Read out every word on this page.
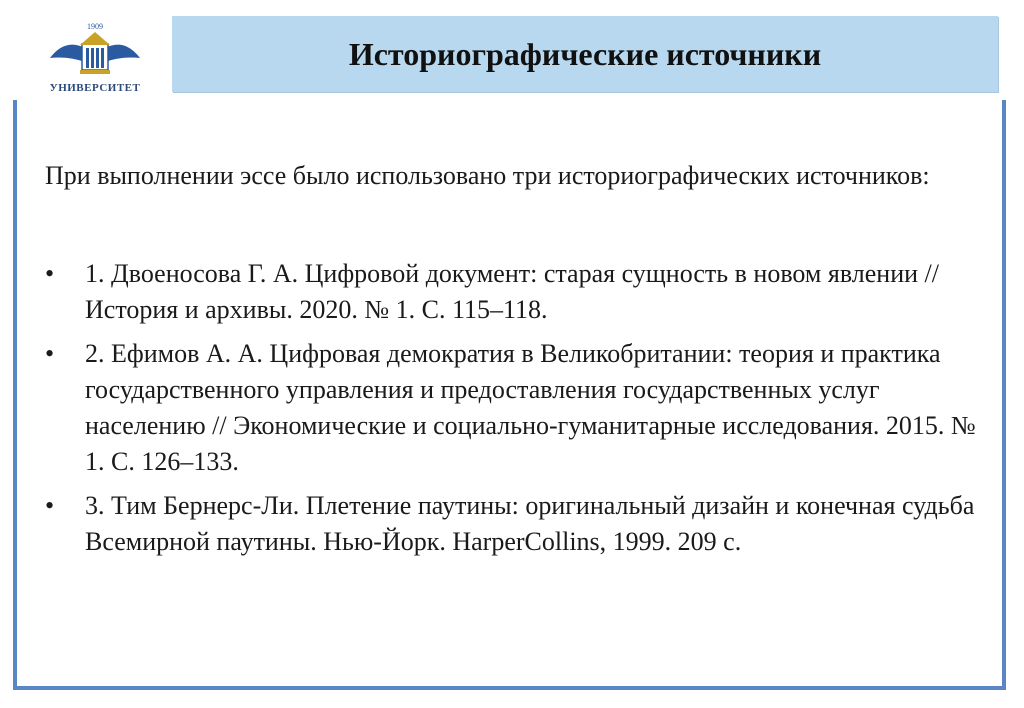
1909
УНИВЕРСИТЕТ
Историографические источники

При выполнении эссе было использовано три историографических источников:

• 1. Двоеносова Г. А. Цифровой документ: старая сущность в новом явлении // История и архивы. 2020. № 1. С. 115–118.
• 2. Ефимов А. А. Цифровая демократия в Великобритании: теория и практика государственного управления и предоставления государственных услуг населению // Экономические и социально-гуманитарные исследования. 2015. № 1. С. 126–133.
• 3. Тим Бернерс-Ли. Плетение паутины: оригинальный дизайн и конечная судьба Всемирной паутины. Нью-Йорк. HarperCollins, 1999. 209 с.
